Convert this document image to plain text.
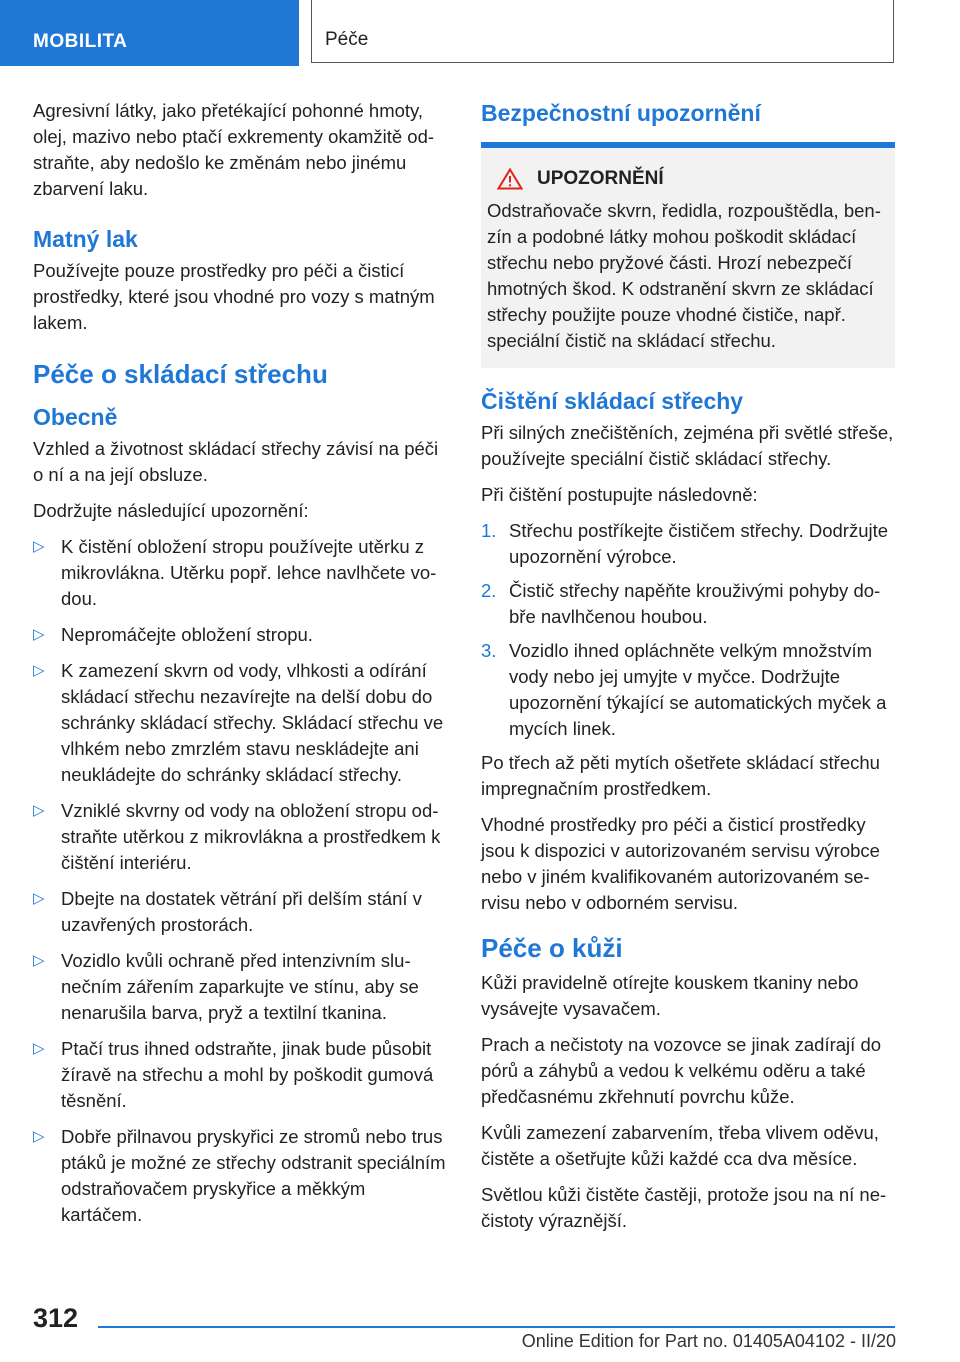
MOBILITA	Péče

Agresivní látky, jako přetékající pohonné hmoty, olej, mazivo nebo ptačí exkrementy okamžitě odstraňte, aby nedošlo ke změnám nebo jinému zbarvení laku.

Matný lak

Používejte pouze prostředky pro péči a čisticí prostředky, které jsou vhodné pro vozy s matným lakem.

Péče o skládací střechu
Obecně

Vzhled a životnost skládací střechy závisí na péči o ní a na její obsluze.

Dodržujte následující upozornění:

▷ K čistění obložení stropu používejte utěrku z mikrovlákna. Utěrku popř. lehce navlhčete vodou.
▷ Nepromáčejte obložení stropu.
▷ K zamezení skvrn od vody, vlhkosti a odírání skládací střechu nezavírejte na delší dobu do schránky skládací střechy. Skládací střechu ve vlhkém nebo zmrzlém stavu neskládejte ani neukládejte do schránky skládací střechy.
▷ Vzniklé skvrny od vody na obložení stropu odstraňte utěrkou z mikrovlákna a prostředkem k čištění interiéru.
▷ Dbejte na dostatek větrání při delším stání v uzavřených prostorách.
▷ Vozidlo kvůli ochraně před intenzivním slunečním zářením zaparkujte ve stínu, aby se nenarušila barva, pryž a textilní tkanina.
▷ Ptačí trus ihned odstraňte, jinak bude působit žíravě na střechu a mohl by poškodit gumová těsnění.
▷ Dobře přilnavou pryskyřici ze stromů nebo trus ptáků je možné ze střechy odstranit speciálním odstraňovačem pryskyřice a měkkým kartáčem.
Bezpečnostní upozornění
UPOZORNĚNÍ

Odstraňovače skvrn, ředidla, rozpouštědla, benzín a podobné látky mohou poškodit skládací střechu nebo pryžové části. Hrozí nebezpečí hmotných škod. K odstranění skvrn ze skládací střechy použijte pouze vhodné čističe, např. speciální čistič na skládací střechu.

Čištění skládací střechy

Při silných znečištěních, zejména při světlé střeše, používejte speciální čistič skládací střechy.

Při čištění postupujte následovně:

1. Střechu postříkejte čističem střechy. Dodržujte upozornění výrobce.
2. Čistič střechy napěňte krouživými pohyby dobře navlhčenou houbou.
3. Vozidlo ihned opláchněte velkým množstvím vody nebo jej umyjte v myčce. Dodržujte upozornění týkající se automatických myček a mycích linek.

Po třech až pěti mytích ošetřete skládací střechu impregnačním prostředkem.

Vhodné prostředky pro péči a čisticí prostředky jsou k dispozici v autorizovaném servisu výrobce nebo v jiném kvalifikovaném autorizovaném servisu nebo v odborném servisu.

Péče o kůži

Kůži pravidelně otírejte kouskem tkaniny nebo vysávejte vysavačem.

Prach a nečistoty na vozovce se jinak zadírají do pórů a záhybů a vedou k velkému oděru a také předčasnému zkřehnutí povrchu kůže.

Kvůli zamezení zabarvením, třeba vlivem oděvu, čistěte a ošetřujte kůži každé cca dva měsíce.

Světlou kůži čistěte častěji, protože jsou na ní nečistoty výraznější.

312
Online Edition for Part no. 01405A04102 - II/20
